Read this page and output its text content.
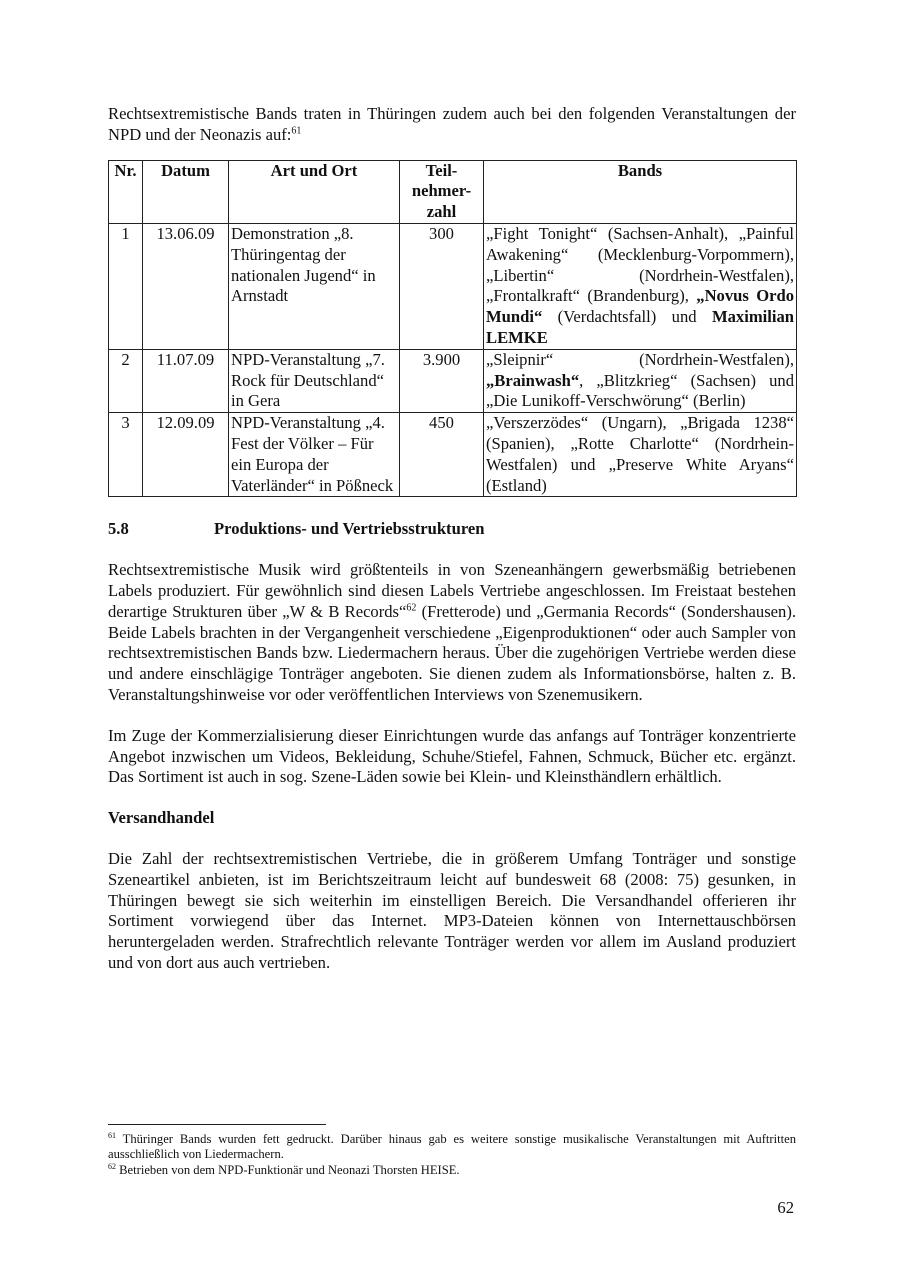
Rechtsextremistische Bands traten in Thüringen zudem auch bei den folgenden Veranstaltungen der NPD und der Neonazis auf:$^{61}$

Nr.	Datum	Art und Ort	Teil-
nehmer-
zahl	Bands
1	13.06.09	Demonstration „8. Thüringentag der nationalen Jugend“ in Arnstadt	300	„Fight Tonight“ (Sachsen-Anhalt), „Painful Awakening“ (Mecklenburg-Vorpommern), „Libertin“ (Nordrhein-Westfalen), „Frontalkraft“ (Brandenburg), „Novus Ordo Mundi“ (Verdachtsfall) und Maximilian LEMKE
2	11.07.09	NPD-Veranstaltung „7. Rock für Deutschland“ in Gera	3.900	„Sleipnir“ (Nordrhein-Westfalen), „Brainwash“, „Blitzkrieg“ (Sachsen) und „Die Lunikoff-Verschwörung“ (Berlin)
3	12.09.09	NPD-Veranstaltung „4. Fest der Völker – Für ein Europa der Vaterländer“ in Pößneck	450	„Verszerzödes“ (Ungarn), „Brigada 1238“ (Spanien), „Rotte Charlotte“ (Nordrhein-Westfalen) und „Preserve White Aryans“ (Estland)
5.8	Produktions- und Vertriebsstrukturen

Rechtsextremistische Musik wird größtenteils in von Szeneanhängern gewerbsmäßig betriebenen Labels produziert. Für gewöhnlich sind diesen Labels Vertriebe angeschlossen. Im Freistaat bestehen derartige Strukturen über „W & B Records“$^{62}$ (Fretterode) und „Germania Records“ (Sondershausen). Beide Labels brachten in der Vergangenheit verschiedene „Eigenproduktionen“ oder auch Sampler von rechtsextremistischen Bands bzw. Liedermachern heraus. Über die zugehörigen Vertriebe werden diese und andere einschlägige Tonträger angeboten. Sie dienen zudem als Informationsbörse, halten z. B. Veranstaltungshinweise vor oder veröffentlichen Interviews von Szenemusikern.

Im Zuge der Kommerzialisierung dieser Einrichtungen wurde das anfangs auf Tonträger konzentrierte Angebot inzwischen um Videos, Bekleidung, Schuhe/Stiefel, Fahnen, Schmuck, Bücher etc. ergänzt. Das Sortiment ist auch in sog. Szene-Läden sowie bei Klein- und Kleinsthändlern erhältlich.

Versandhandel

Die Zahl der rechtsextremistischen Vertriebe, die in größerem Umfang Tonträger und sonstige Szeneartikel anbieten, ist im Berichtszeitraum leicht auf bundesweit 68 (2008: 75) gesunken, in Thüringen bewegt sie sich weiterhin im einstelligen Bereich. Die Versandhandel offerieren ihr Sortiment vorwiegend über das Internet. MP3-Dateien können von Internettauschbörsen heruntergeladen werden. Strafrechtlich relevante Tonträger werden vor allem im Ausland produziert und von dort aus auch vertrieben.

$^{61}$ Thüringer Bands wurden fett gedruckt. Darüber hinaus gab es weitere sonstige musikalische Veranstaltungen mit Auftritten ausschließlich von Liedermachern.

$^{62}$ Betrieben von dem NPD-Funktionär und Neonazi Thorsten HEISE.

62
